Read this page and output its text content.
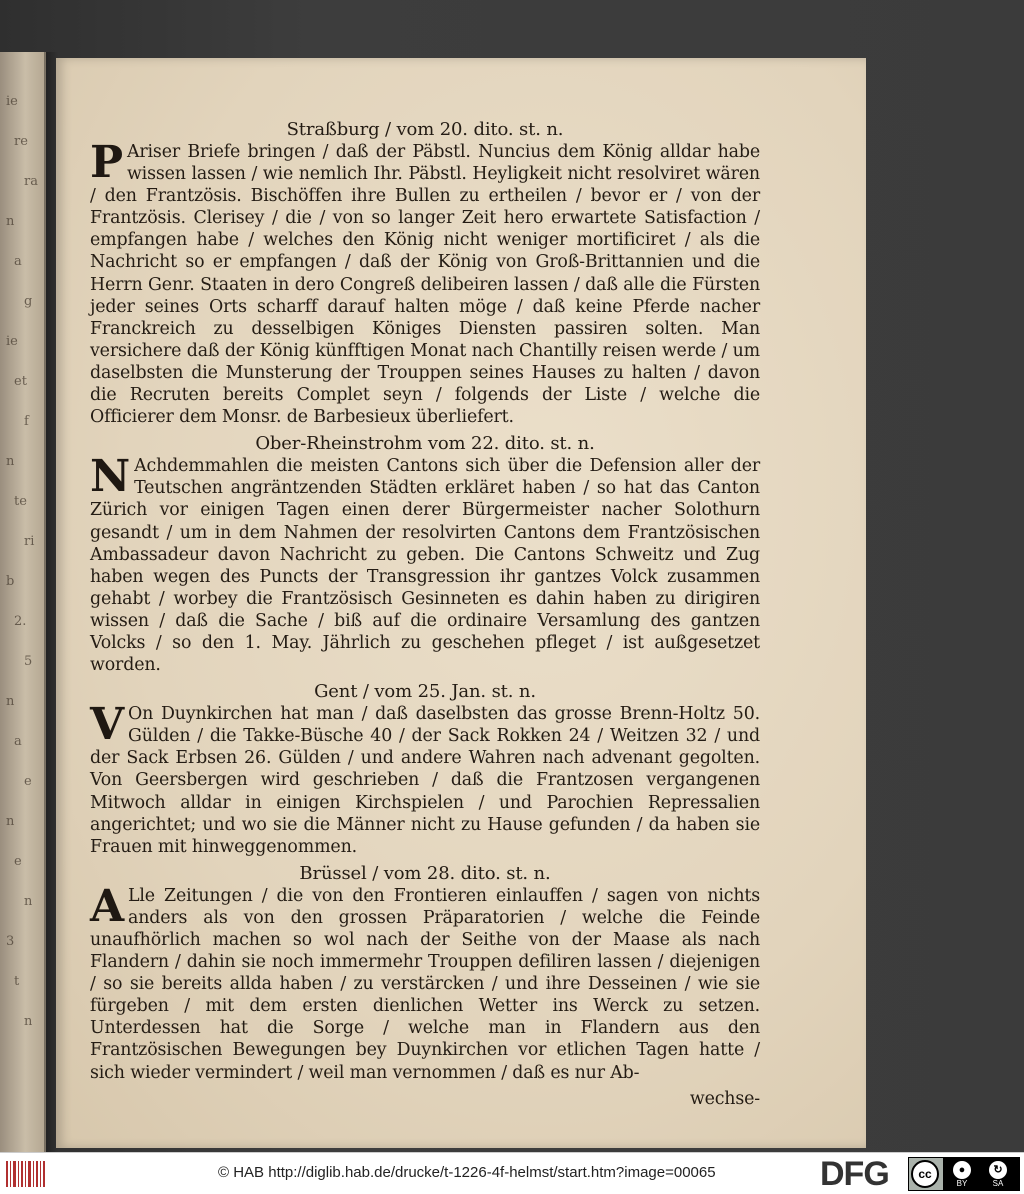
ie
re
ra
n
a
g
ie
et
f
n
te
ri
b
2.
5
n
a
e
n
e
n
3
t
n

Straßburg / vom 20. dito. st. n.

P Ariser Briefe bringen / daß der Päbstl. Nuncius dem König alldar habe wissen lassen / wie nemlich Ihr. Päbstl. Heyligkeit nicht resolviret wären / den Frantzösis. Bischöffen ihre Bullen zu ertheilen / bevor er / von der Frantzösis. Clerisey / die / von so langer Zeit hero erwartete Satisfaction / empfangen habe / welches den König nicht weniger mortificiret / als die Nachricht so er empfangen / daß der König von Groß-Brittannien und die Herrn Genr. Staaten in dero Congreß delibeiren lassen / daß alle die Fürsten jeder seines Orts scharff darauf halten möge / daß keine Pferde nacher Franckreich zu desselbigen Königes Diensten passiren solten. Man versichere daß der König künfftigen Monat nach Chantilly reisen werde / um daselbsten die Munsterung der Trouppen seines Hauses zu halten / davon die Recruten bereits Complet seyn / folgends der Liste / welche die Officierer dem Monsr. de Barbesieux überliefert.

Ober-Rheinstrohm vom 22. dito. st. n.

N Achdemmahlen die meisten Cantons sich über die Defension aller der Teutschen angräntzenden Städten erkläret haben / so hat das Canton Zürich vor einigen Tagen einen derer Bürgermeister nacher Solothurn gesandt / um in dem Nahmen der resolvirten Cantons dem Frantzösischen Ambassadeur davon Nachricht zu geben. Die Cantons Schweitz und Zug haben wegen des Puncts der Transgression ihr gantzes Volck zusammen gehabt / worbey die Frantzösisch Gesinneten es dahin haben zu dirigiren wissen / daß die Sache / biß auf die ordinaire Versamlung des gantzen Volcks / so den 1. May. Jährlich zu geschehen pfleget / ist außgesetzet worden.

Gent / vom 25. Jan. st. n.

V On Duynkirchen hat man / daß daselbsten das grosse Brenn-Holtz 50. Gülden / die Takke-Büsche 40 / der Sack Rokken 24 / Weitzen 32 / und der Sack Erbsen 26. Gülden / und andere Wahren nach advenant gegolten. Von Geersbergen wird geschrieben / daß die Frantzosen vergangenen Mitwoch alldar in einigen Kirchspielen / und Parochien Repressalien angerichtet; und wo sie die Männer nicht zu Hause gefunden / da haben sie Frauen mit hinweggenommen.

Brüssel / vom 28. dito. st. n.

A Lle Zeitungen / die von den Frontieren einlauffen / sagen von nichts anders als von den grossen Präparatorien / welche die Feinde unaufhörlich machen so wol nach der Seithe von der Maase als nach Flandern / dahin sie noch immermehr Trouppen defiliren lassen / diejenigen / so sie bereits allda haben / zu verstärcken / und ihre Desseinen / wie sie fürgeben / mit dem ersten dienlichen Wetter ins Werck zu setzen. Unterdessen hat die Sorge / welche man in Flandern aus den Frantzösischen Bewegungen bey Duynkirchen vor etlichen Tagen hatte / sich wieder vermindert / weil man vernommen / daß es nur Ab-

wechse-

© HAB http://diglib.hab.de/drucke/t-1226-4f-helmst/start.htm?image=00065	DFG	cc	●
BY
↻
SA
